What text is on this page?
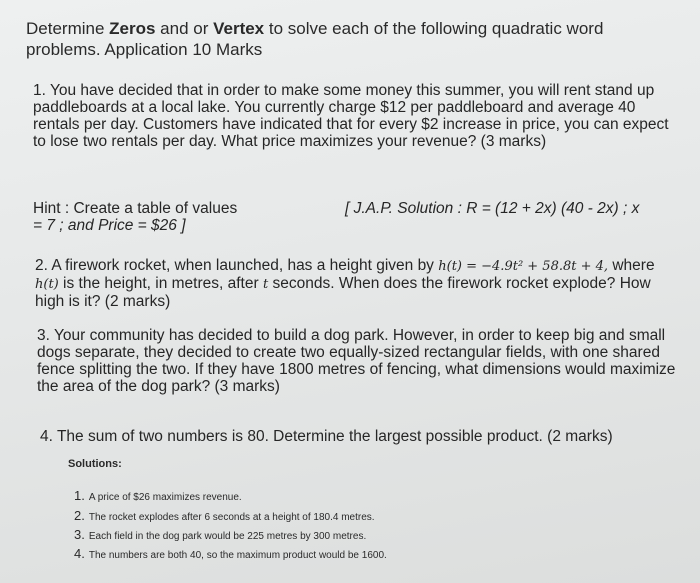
Determine Zeros and or Vertex to solve each of the following quadratic word problems. Application 10 Marks
1. You have decided that in order to make some money this summer, you will rent stand up paddleboards at a local lake. You currently charge $12 per paddleboard and average 40 rentals per day. Customers have indicated that for every $2 increase in price, you can expect to lose two rentals per day. What price maximizes your revenue? (3 marks)
Hint : Create a table of values
= 7 ; and Price = $26 ]
[ J.A.P. Solution : R = (12 + 2x) (40 - 2x) ; x
2. A firework rocket, when launched, has a height given by h(t) = −4.9t² + 58.8t + 4, where h(t) is the height, in metres, after t seconds. When does the firework rocket explode? How high is it? (2 marks)
3. Your community has decided to build a dog park. However, in order to keep big and small dogs separate, they decided to create two equally-sized rectangular fields, with one shared fence splitting the two. If they have 1800 metres of fencing, what dimensions would maximize the area of the dog park? (3 marks)
4. The sum of two numbers is 80. Determine the largest possible product. (2 marks)
Solutions:
1. A price of $26 maximizes revenue.
2. The rocket explodes after 6 seconds at a height of 180.4 metres.
3. Each field in the dog park would be 225 metres by 300 metres.
4. The numbers are both 40, so the maximum product would be 1600.
